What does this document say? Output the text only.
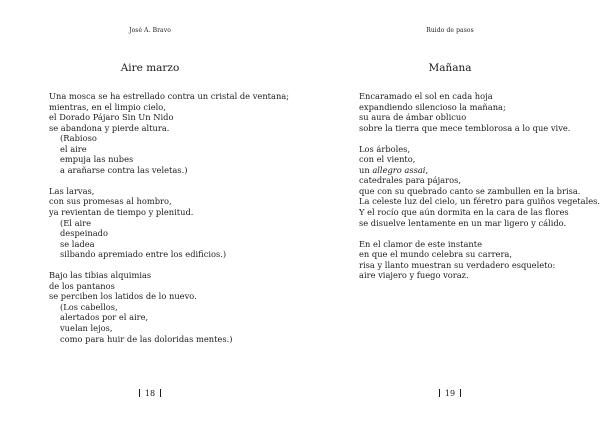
José A. Bravo
Aire marzo
Una mosca se ha estrellado contra un cristal de ventana;
mientras, en el limpio cielo,
el Dorado Pájaro Sin Un Nido
se abandona y pierde altura.
(Rabioso
el aire
empuja las nubes
a arañarse contra las veletas.)
Las larvas,
con sus promesas al hombro,
ya revientan de tiempo y plenitud.
(El aire
despeinado
se ladea
silbando apremiado entre los edificios.)
Bajo las tibias alquimias
de los pantanos
se perciben los latidos de lo nuevo.
(Los cabellos,
alertados por el aire,
vuelan lejos,
como para huir de las doloridas mentes.)
18
Ruido de pasos
Mañana
Encaramado el sol en cada hoja
expandiendo silencioso la mañana;
su aura de ámbar oblicuo
sobre la tierra que mece temblorosa a lo que vive.
Los árboles,
con el viento,
un allegro assai,
catedrales para pájaros,
que con su quebrado canto se zambullen en la brisa.
La celeste luz del cielo, un féretro para guiños vegetales.
Y el rocío que aún dormita en la cara de las flores
se disuelve lentamente en un mar ligero y cálido.
En el clamor de este instante
en que el mundo celebra su carrera,
risa y llanto muestran su verdadero esqueleto:
aire viajero y fuego voraz.
19
